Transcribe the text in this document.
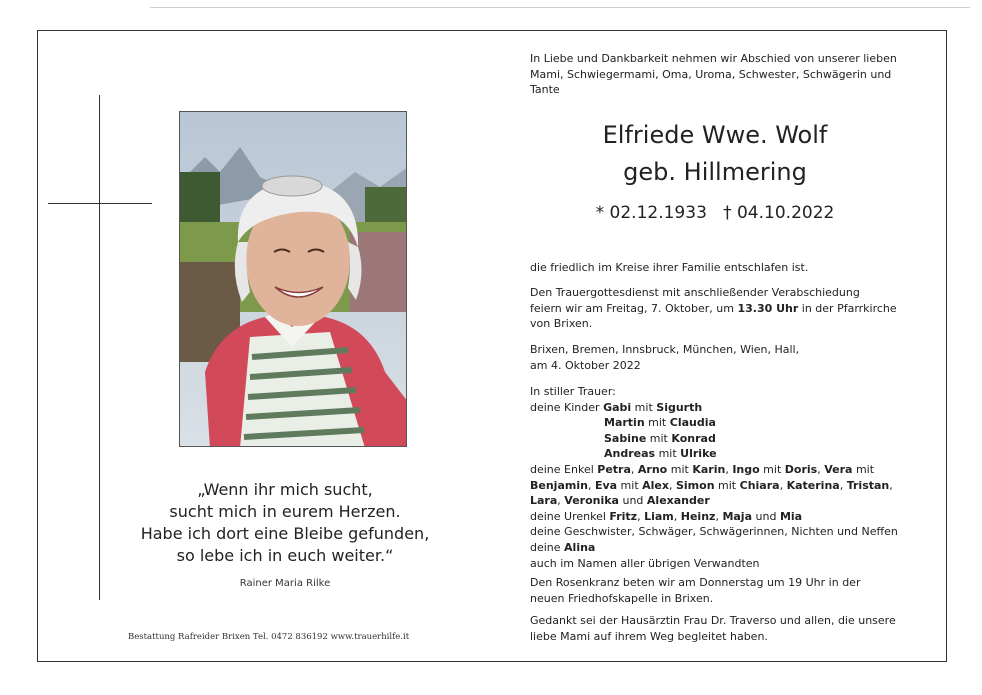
„Wenn ihr mich sucht,
sucht mich in eurem Herzen.
Habe ich dort eine Bleibe gefunden,
so lebe ich in euch weiter.“
Rainer Maria Rilke
Bestattung Rafreider Brixen Tel. 0472 836192 www.trauerhilfe.it
In Liebe und Dankbarkeit nehmen wir Abschied von unserer lieben Mami, Schwiegermami, Oma, Uroma, Schwester, Schwägerin und Tante
Elfriede Wwe. Wolf
geb. Hillmering
* 02.12.1933   † 04.10.2022
die friedlich im Kreise ihrer Familie entschlafen ist.
Den Trauergottesdienst mit anschließender Verabschiedung
feiern wir am Freitag, 7. Oktober, um 13.30 Uhr in der Pfarrkirche
von Brixen.
Brixen, Bremen, Innsbruck, München, Wien, Hall,
am 4. Oktober 2022
In stiller Trauer:
deine Kinder Gabi mit Sigurth
Martin mit Claudia
Sabine mit Konrad
Andreas mit Ulrike
deine Enkel Petra, Arno mit Karin, Ingo mit Doris, Vera mit
Benjamin, Eva mit Alex, Simon mit Chiara, Katerina, Tristan,
Lara, Veronika und Alexander
deine Urenkel Fritz, Liam, Heinz, Maja und Mia
deine Geschwister, Schwäger, Schwägerinnen, Nichten und Neffen
deine Alina
auch im Namen aller übrigen Verwandten
Den Rosenkranz beten wir am Donnerstag um 19 Uhr in der
neuen Friedhofskapelle in Brixen.
Gedankt sei der Hausärztin Frau Dr. Traverso und allen, die unsere
liebe Mami auf ihrem Weg begleitet haben.
